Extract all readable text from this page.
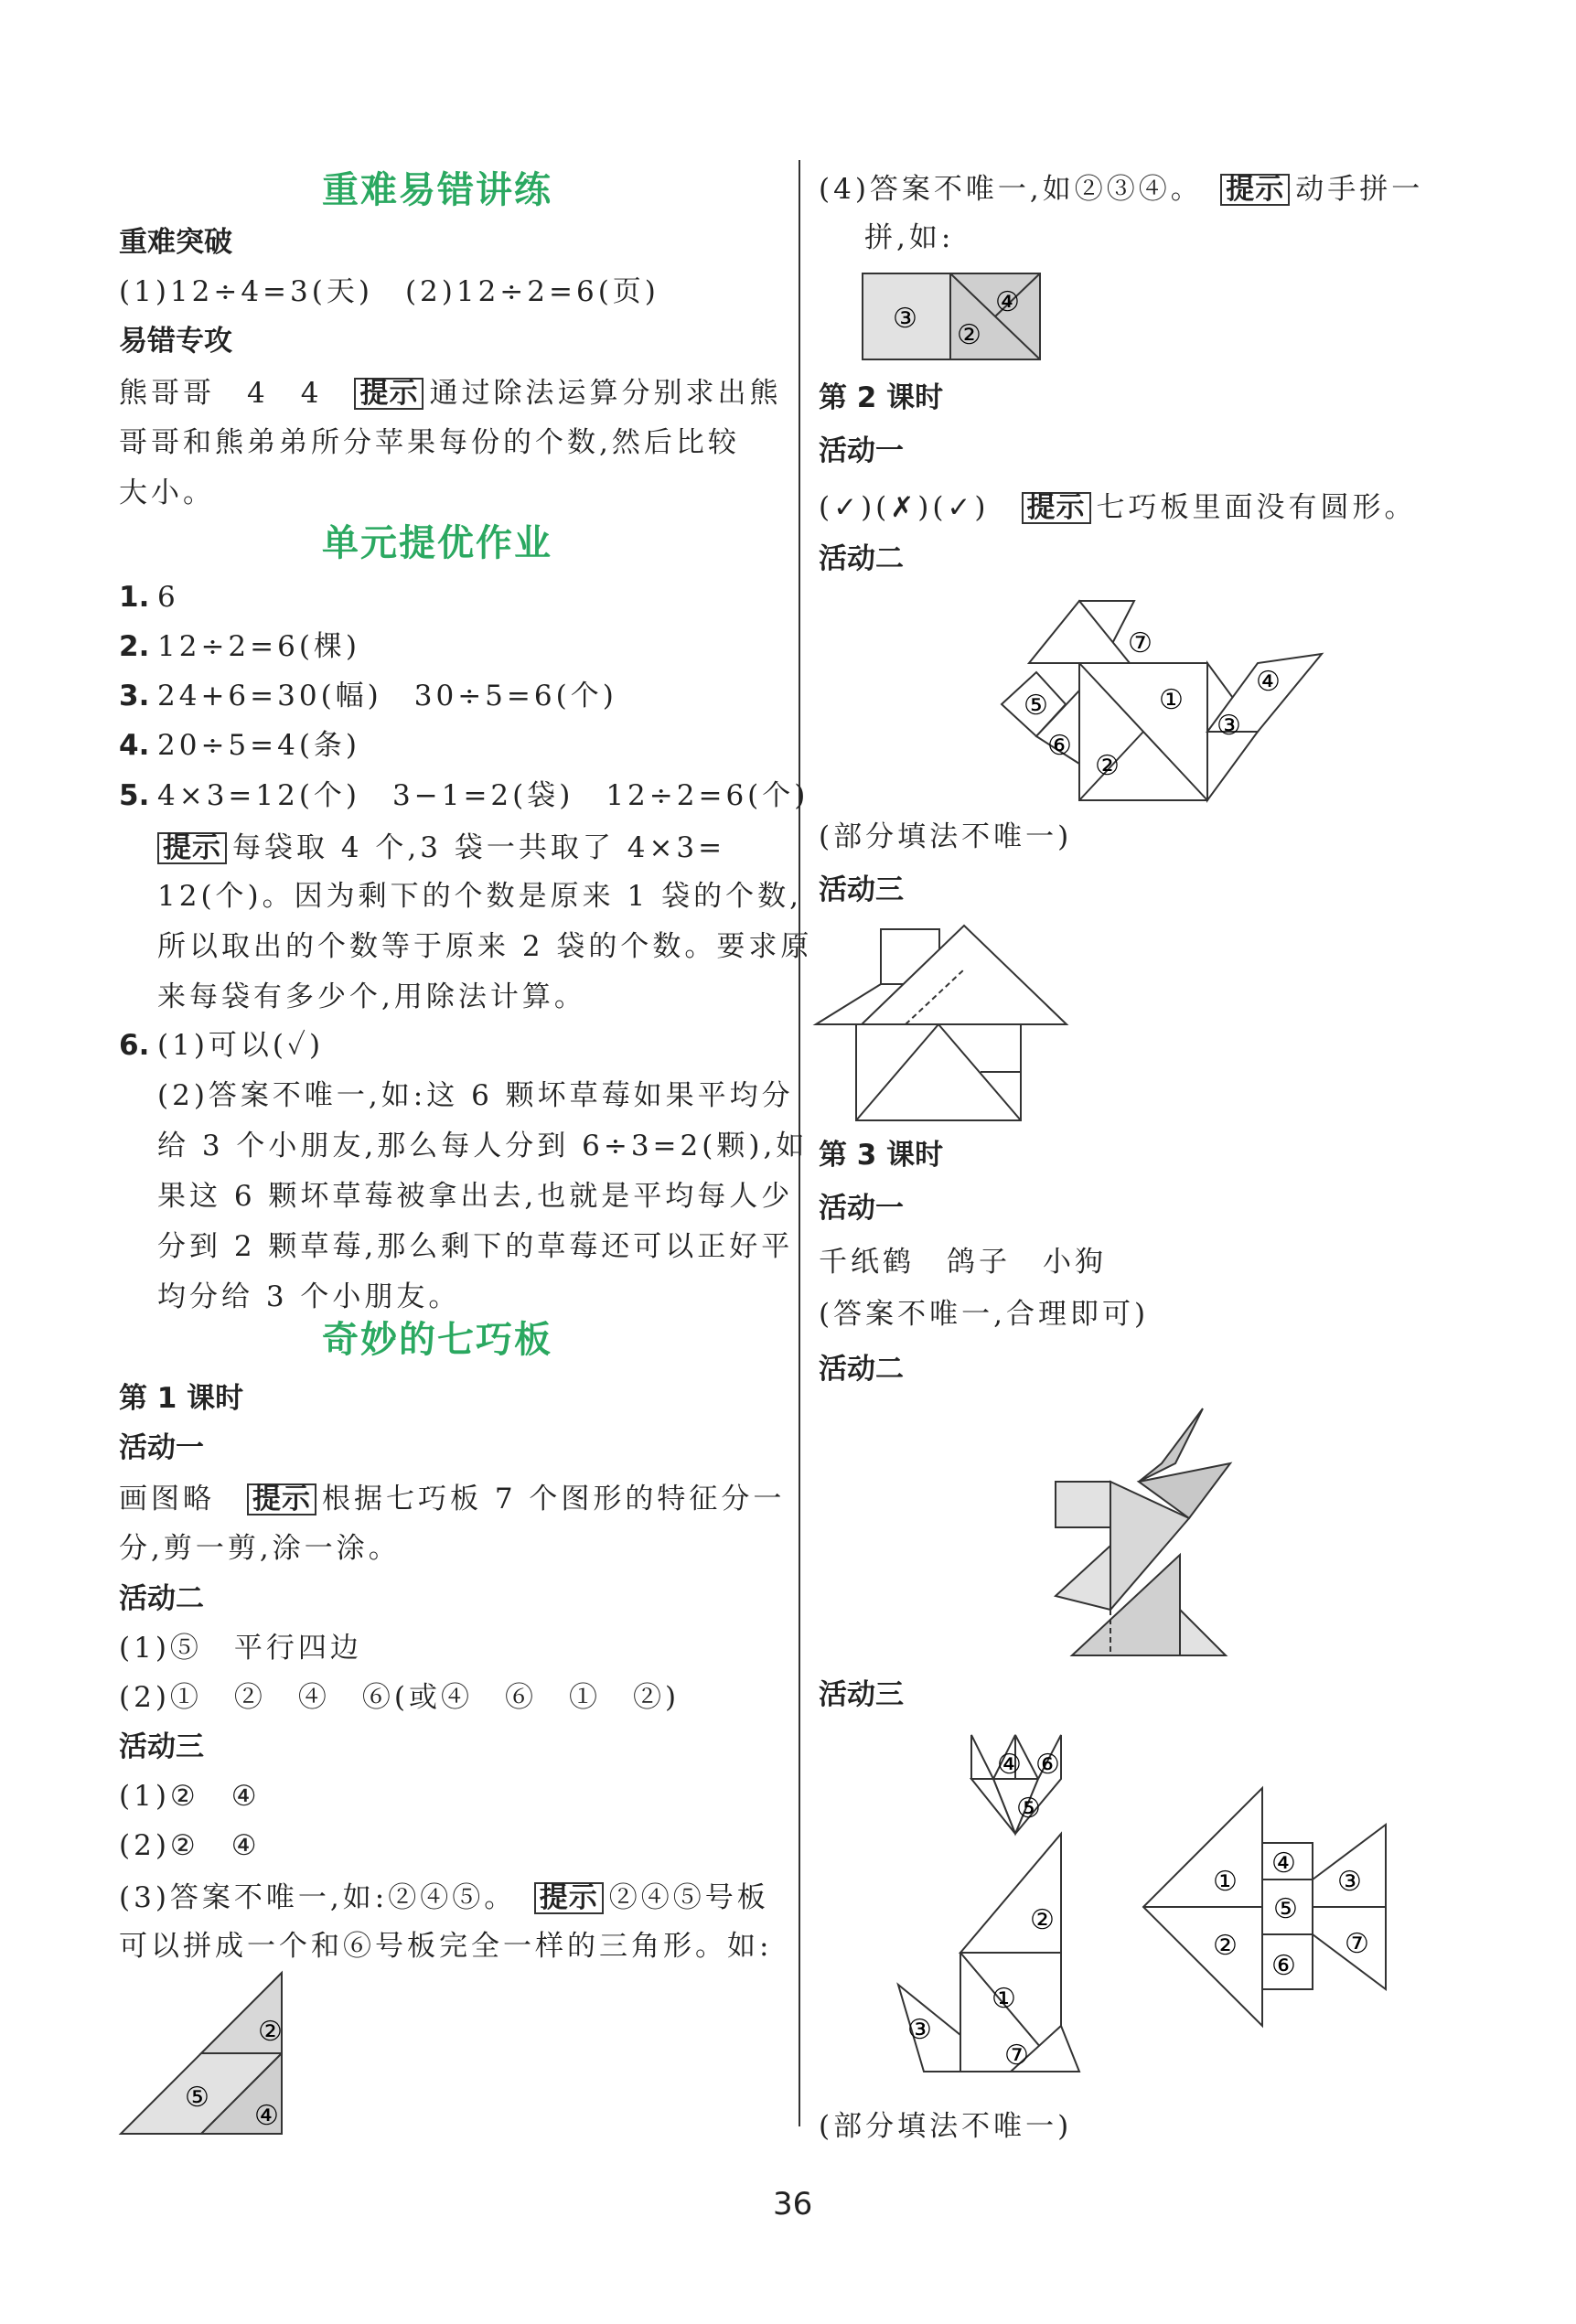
重难易错讲练
重难突破
(1)12÷4=3(天)　(2)12÷2=6(页)
易错专攻
熊哥哥　4　4　 提示 通过除法运算分别求出熊
哥哥和熊弟弟所分苹果每份的个数,然后比较
大小。
单元提优作业
1. 6
2. 12÷2=6(棵)
3. 24+6=30(幅)　30÷5=6(个)
4. 20÷5=4(条)
5. 4×3=12(个)　3−1=2(袋)　12÷2=6(个)
提示 每袋取 4 个,3 袋一共取了 4×3=
12(个)。因为剩下的个数是原来 1 袋的个数,
所以取出的个数等于原来 2 袋的个数。要求原
来每袋有多少个,用除法计算。
6. (1)可以(✓)
(2)答案不唯一,如:这 6 颗坏草莓如果平均分
给 3 个小朋友,那么每人分到 6÷3=2(颗),如
果这 6 颗坏草莓被拿出去,也就是平均每人少
分到 2 颗草莓,那么剩下的草莓还可以正好平
均分给 3 个小朋友。
奇妙的七巧板
第 1 课时
活动一
画图略　 提示 根据七巧板 7 个图形的特征分一
分,剪一剪,涂一涂。
活动二
(1)⑤　平行四边
(2)①　②　④　⑥(或④　⑥　①　②)
活动三
(1)②　④
(2)②　④
(3)答案不唯一,如:②④⑤。　 提示 ②④⑤号板
可以拼成一个和⑥号板完全一样的三角形。如:
②
⑤
④
(4)答案不唯一,如②③④。　 提示 动手拼一
拼,如:
③
④
②
第 2 课时
活动一
(✓)(✗)(✓)　 提示 七巧板里面没有圆形。
活动二
⑦
①
④
⑤
⑥
③
②
(部分填法不唯一)
活动三
第 3 课时
活动一
千纸鹤　鸽子　小狗
(答案不唯一,合理即可)
活动二
活动三
④ ⑥
⑤
②
①
③
⑦
①
④
③
⑤
②	⑦
⑥
(部分填法不唯一)
36
